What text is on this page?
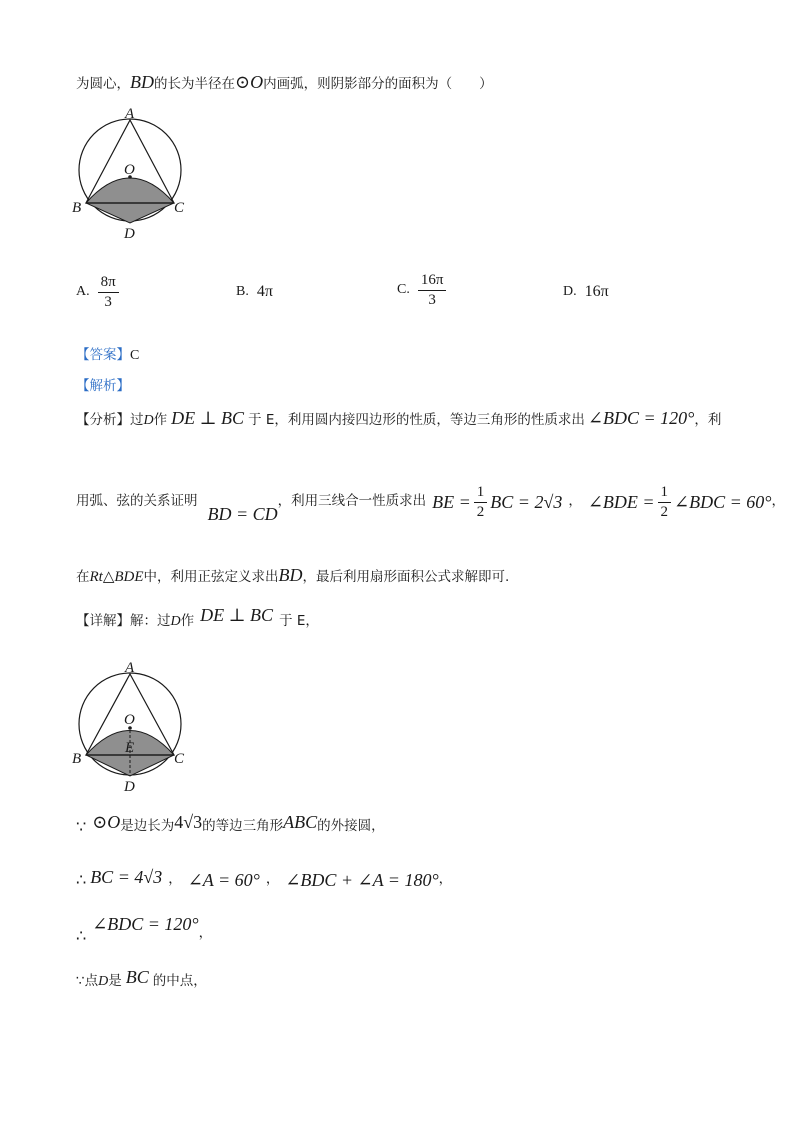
为圆心，BD的长为半径在⊙O内画弧，则阴影部分的面积为（　　）
A
O
B	C
D
A. $\frac{8\pi}{3}$	B. 4π	C. $\frac{16\pi}{3}$	D. 16π
【答案】C
【解析】
【分析】 过 D 作 DE ⊥ BC 于 E，利用圆内接四边形的性质，等边三角形的性质求出 ∠BDC = 120° ，利
用弧、弦的关系证明
BD = CD
，利用三线合一性质求出 BE = $\frac{1}{2}$ BC = 2√3 ， ∠BDE = $\frac{1}{2}$ ∠BDC = 60° ，
在 Rt△BDE 中，利用正弦定义求出 BD ，最后利用扇形面积公式求解即可.
【详解】 解：过 D 作 DE ⊥ BC 于 E，
A
O
E
B	C
D
∵ ⊙O 是边长为 4√3 的等边三角形 ABC 的外接圆，
∴ BC = 4√3 ， ∠A = 60° ， ∠BDC + ∠A = 180° ，
∴
∠BDC = 120° ，
∵点 D 是 BC 的中点，
